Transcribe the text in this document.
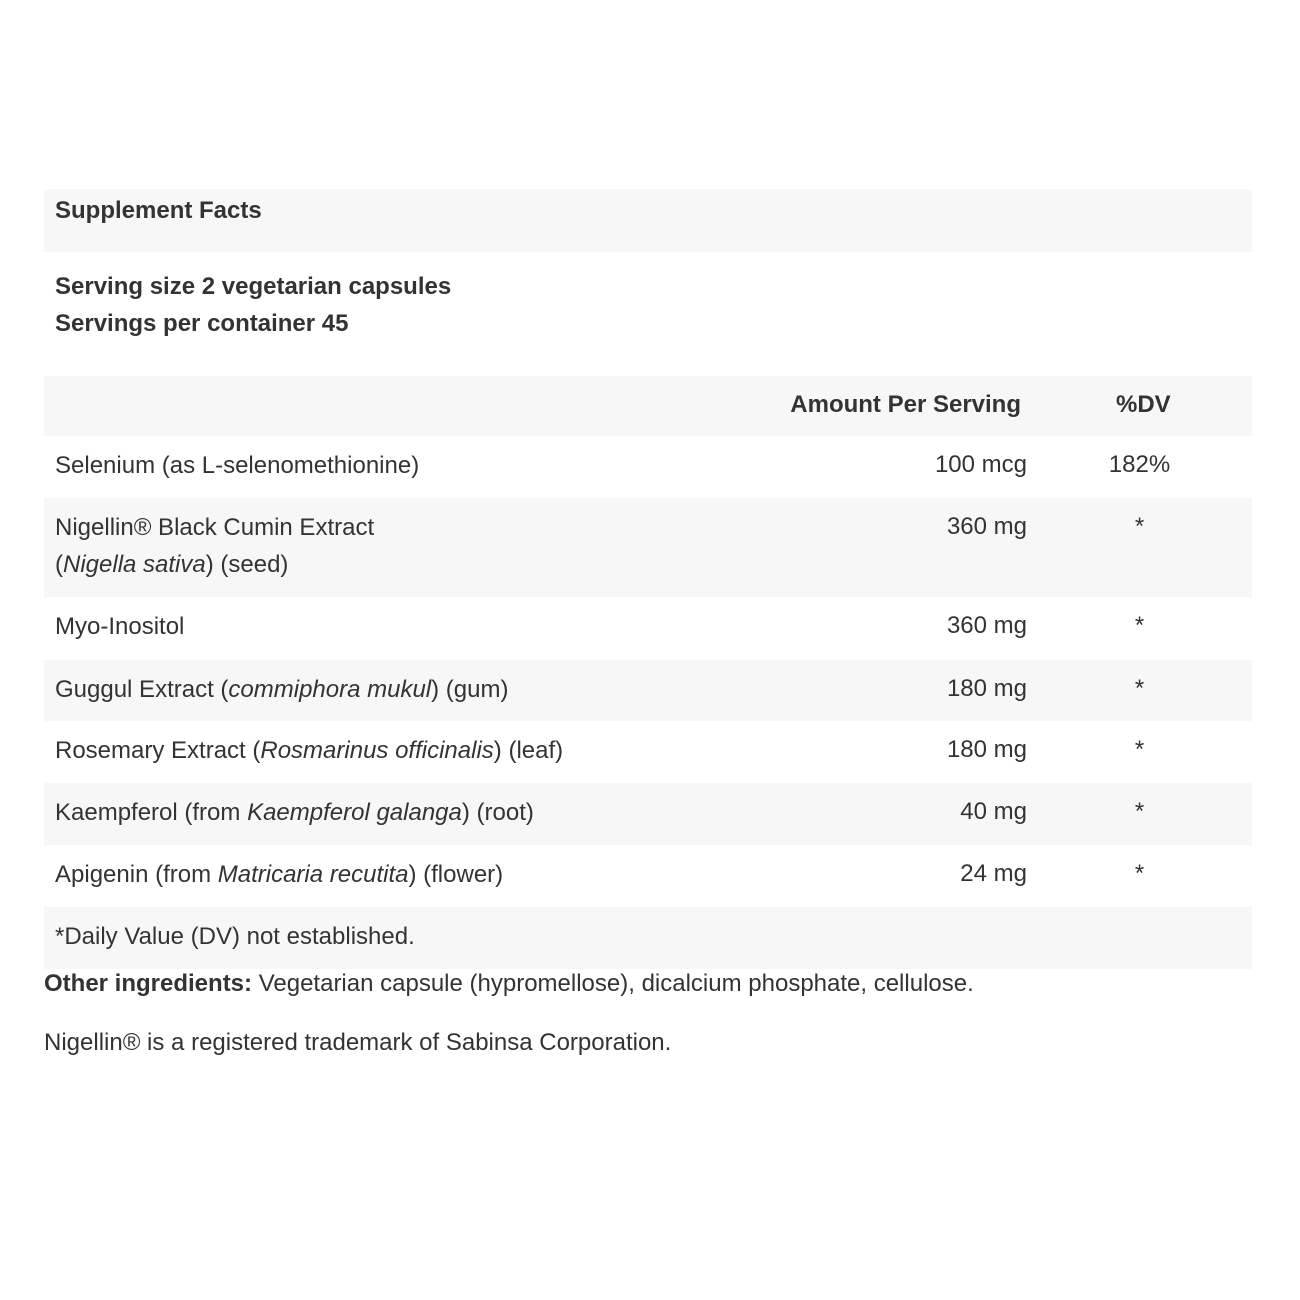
Supplement Facts
Serving size 2 vegetarian capsules
Servings per container 45
	Amount Per Serving	%DV

Selenium (as L-selenomethionine)	100 mcg	182%

Nigellin® Black Cumin Extract
(Nigella sativa) (seed)	360 mg	*

Myo-Inositol	360 mg	*

Guggul Extract (commiphora mukul) (gum)	180 mg	*

Rosemary Extract (Rosmarinus officinalis) (leaf)	180 mg	*

Kaempferol (from Kaempferol galanga) (root)	40 mg	*

Apigenin (from Matricaria recutita) (flower)	24 mg	*
*Daily Value (DV) not established.		
Other ingredients: Vegetarian capsule (hypromellose), dicalcium phosphate, cellulose.
Nigellin® is a registered trademark of Sabinsa Corporation.
